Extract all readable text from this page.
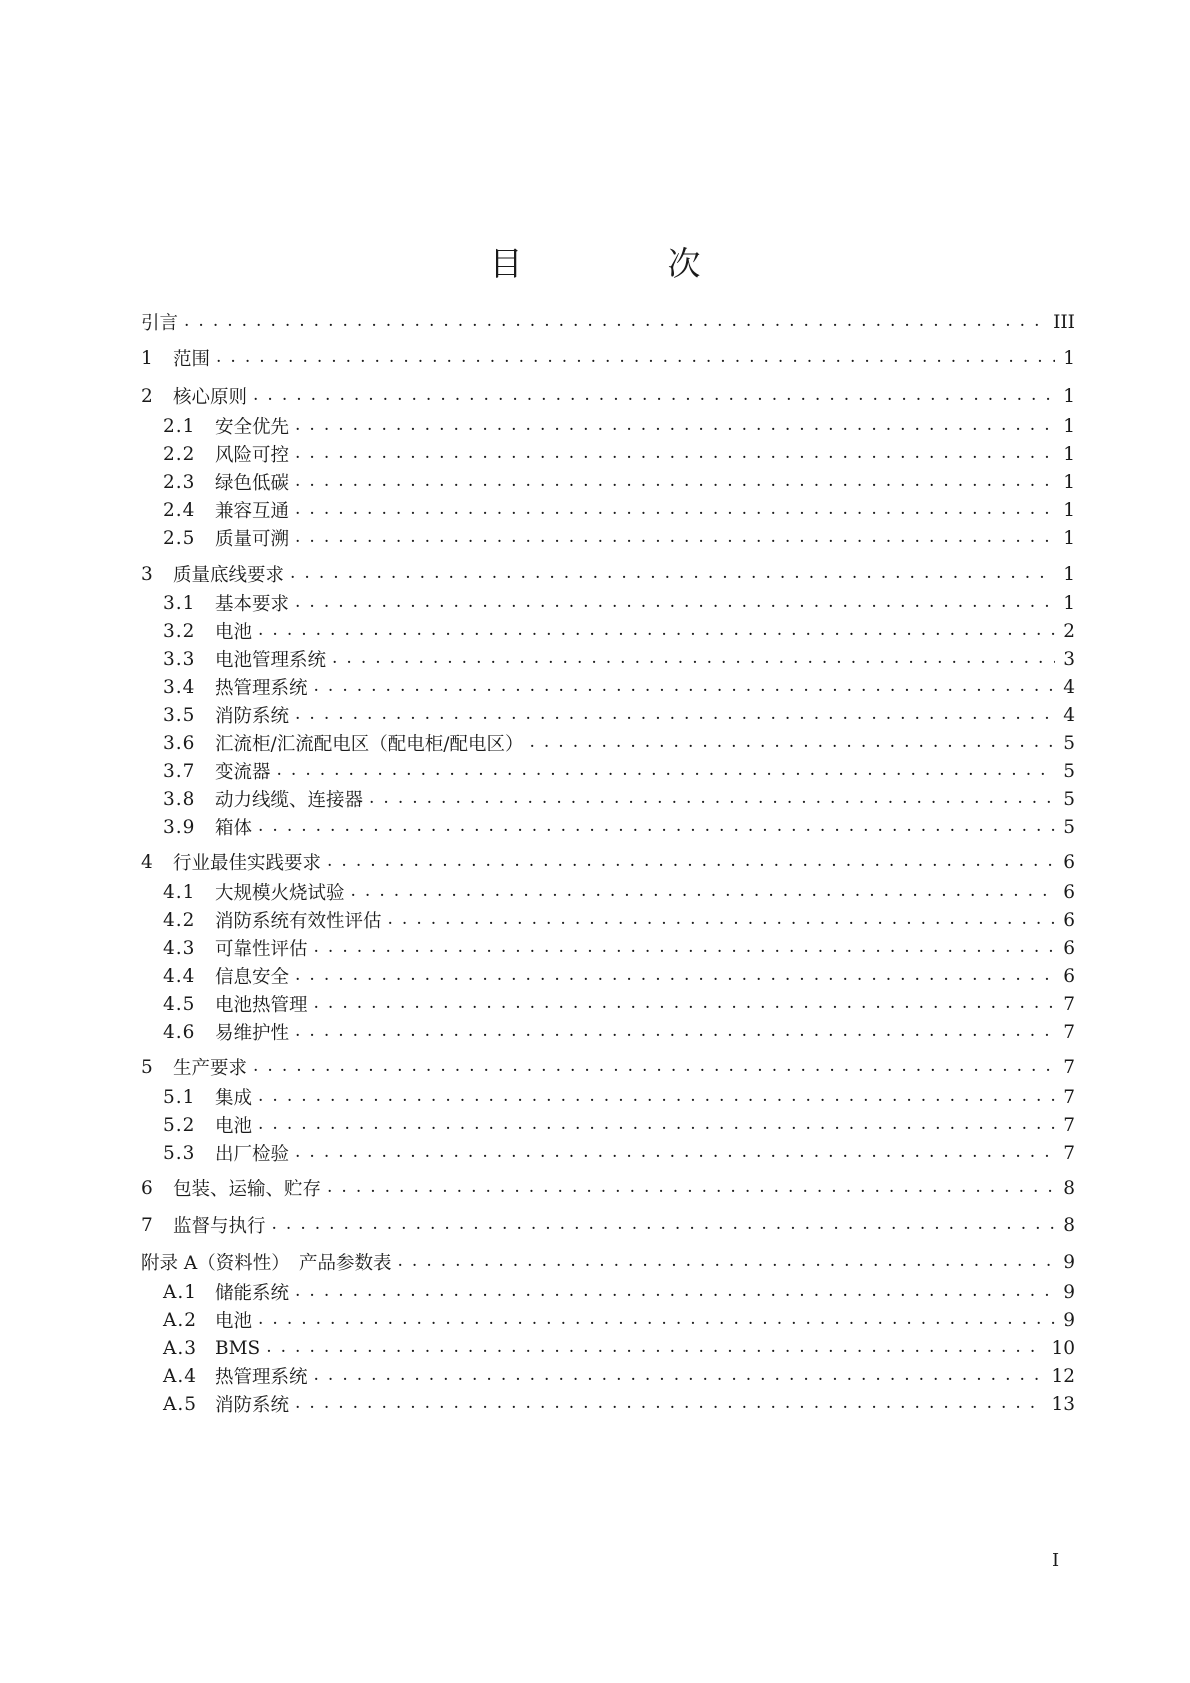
目　次
引言 . . .	III
1	范围 . . .	1
2	核心原则 . . .	1
2.1	安全优先 . . .	1
2.2	风险可控 . . .	1
2.3	绿色低碳 . . .	1
2.4	兼容互通 . . .	1
2.5	质量可溯 . . .	1
3	质量底线要求 . . .	1
3.1	基本要求 . . .	1
3.2	电池 . . .	2
3.3	电池管理系统 . . .	3
3.4	热管理系统 . . .	4
3.5	消防系统 . . .	4
3.6	汇流柜/汇流配电区（配电柜/配电区） . . .	5
3.7	变流器 . . .	5
3.8	动力线缆、连接器 . . .	5
3.9	箱体 . . .	5
4	行业最佳实践要求 . . .	6
4.1	大规模火烧试验 . . .	6
4.2	消防系统有效性评估 . . .	6
4.3	可靠性评估 . . .	6
4.4	信息安全 . . .	6
4.5	电池热管理 . . .	7
4.6	易维护性 . . .	7
5	生产要求 . . .	7
5.1	集成 . . .	7
5.2	电池 . . .	7
5.3	出厂检验 . . .	7
6	包装、运输、贮存 . . .	8
7	监督与执行 . . .	8
附录 A（资料性）　产品参数表 . . .	9
A.1 储能系统 . . .	9
A.2 电池 . . .	9
A.3 BMS . . .	10
A.4 热管理系统 . . .	12
A.5 消防系统 . . .	13
I
